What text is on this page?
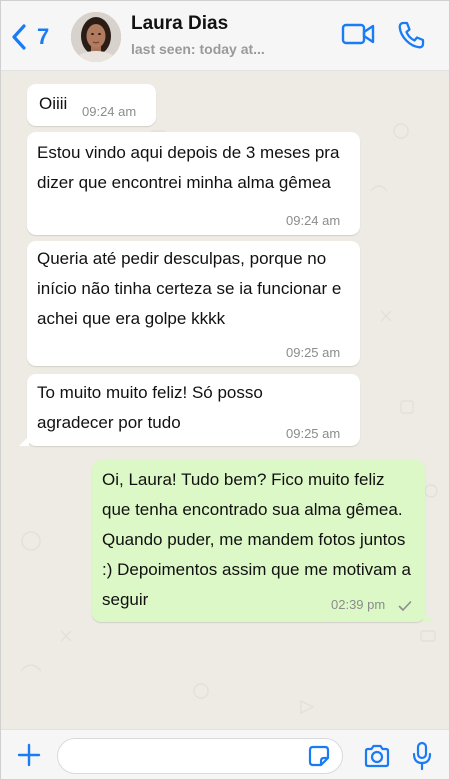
7
Laura Dias
last seen: today at...
Oiiii 09:24 am
Estou vindo aqui depois de 3 meses pra dizer que encontrei minha alma gêmea
09:24 am
Queria até pedir desculpas, porque no início não tinha certeza se ia funcionar e achei que era golpe kkkk
09:25 am
To muito muito feliz! Só posso agradecer por tudo
09:25 am
Oi, Laura! Tudo bem? Fico muito feliz que tenha encontrado sua alma gêmea. Quando puder, me mandem fotos juntos :) Depoimentos assim que me motivam a seguir	02:39 pm
